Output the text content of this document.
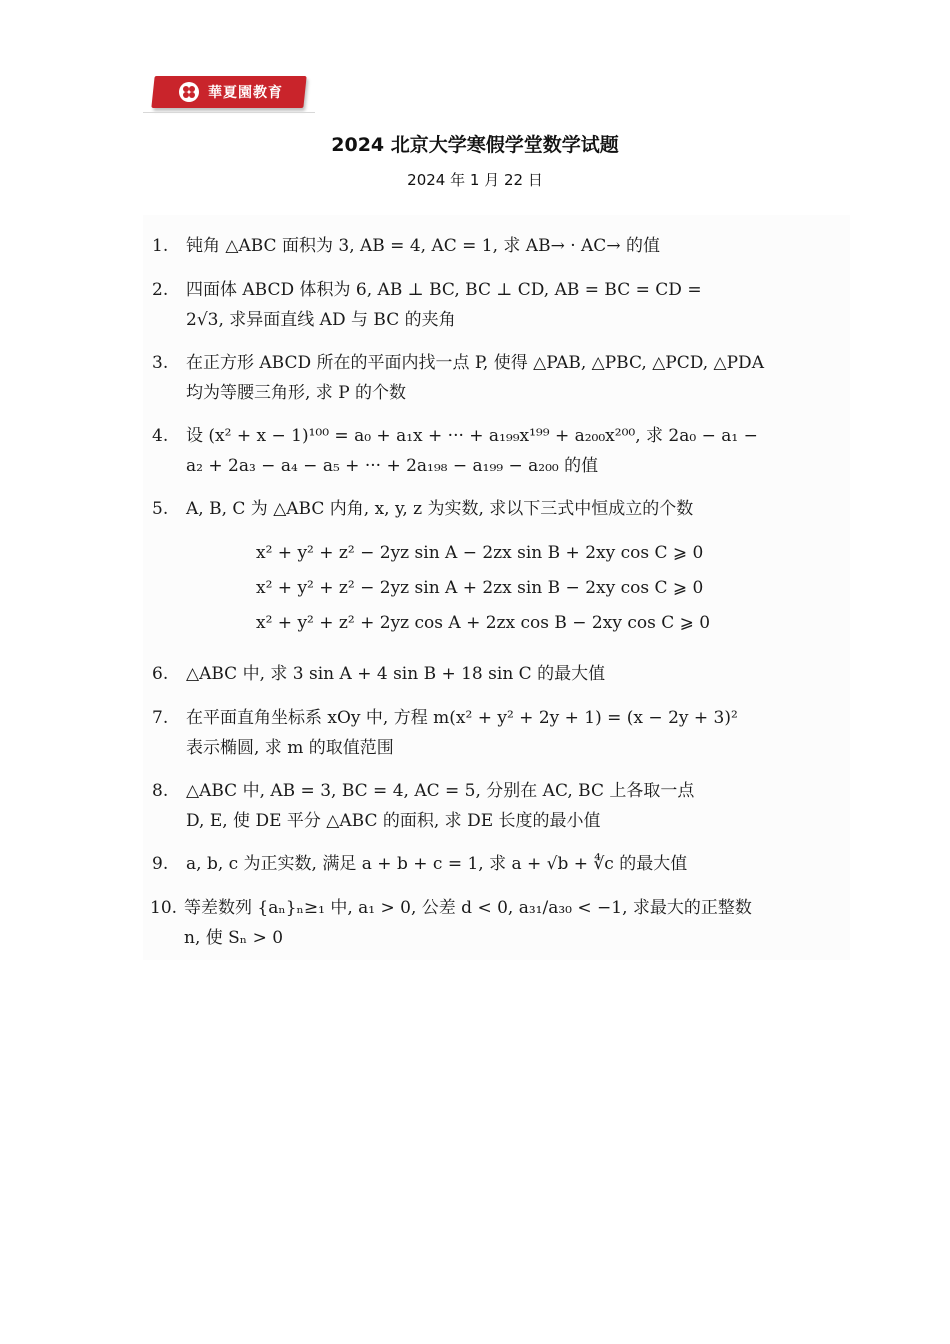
華夏園教育
2024 北京大学寒假学堂数学试题
2024 年 1 月 22 日
1. 钝角 △ABC 面积为 3, AB = 4, AC = 1, 求 AB→ · AC→ 的值
2. 四面体 ABCD 体积为 6, AB ⊥ BC, BC ⊥ CD, AB = BC = CD =
2√3, 求异面直线 AD 与 BC 的夹角
3. 在正方形 ABCD 所在的平面内找一点 P, 使得 △PAB, △PBC, △PCD, △PDA
均为等腰三角形, 求 P 的个数
4. 设 (x² + x − 1)¹⁰⁰ = a₀ + a₁x + ··· + a₁₉₉x¹⁹⁹ + a₂₀₀x²⁰⁰, 求 2a₀ − a₁ −
a₂ + 2a₃ − a₄ − a₅ + ··· + 2a₁₉₈ − a₁₉₉ − a₂₀₀ 的值
5. A, B, C 为 △ABC 内角, x, y, z 为实数, 求以下三式中恒成立的个数
x² + y² + z² − 2yz sin A − 2zx sin B + 2xy cos C ⩾ 0
x² + y² + z² − 2yz sin A + 2zx sin B − 2xy cos C ⩾ 0
x² + y² + z² + 2yz cos A + 2zx cos B − 2xy cos C ⩾ 0
6. △ABC 中, 求 3 sin A + 4 sin B + 18 sin C 的最大值
7. 在平面直角坐标系 xOy 中, 方程 m(x² + y² + 2y + 1) = (x − 2y + 3)²
表示椭圆, 求 m 的取值范围
8. △ABC 中, AB = 3, BC = 4, AC = 5, 分别在 AC, BC 上各取一点
D, E, 使 DE 平分 △ABC 的面积, 求 DE 长度的最小值
9. a, b, c 为正实数, 满足 a + b + c = 1, 求 a + √b + ∜c 的最大值
10. 等差数列 {aₙ}ₙ≥₁ 中, a₁ > 0, 公差 d < 0, a₃₁/a₃₀ < −1, 求最大的正整数
n, 使 Sₙ > 0
